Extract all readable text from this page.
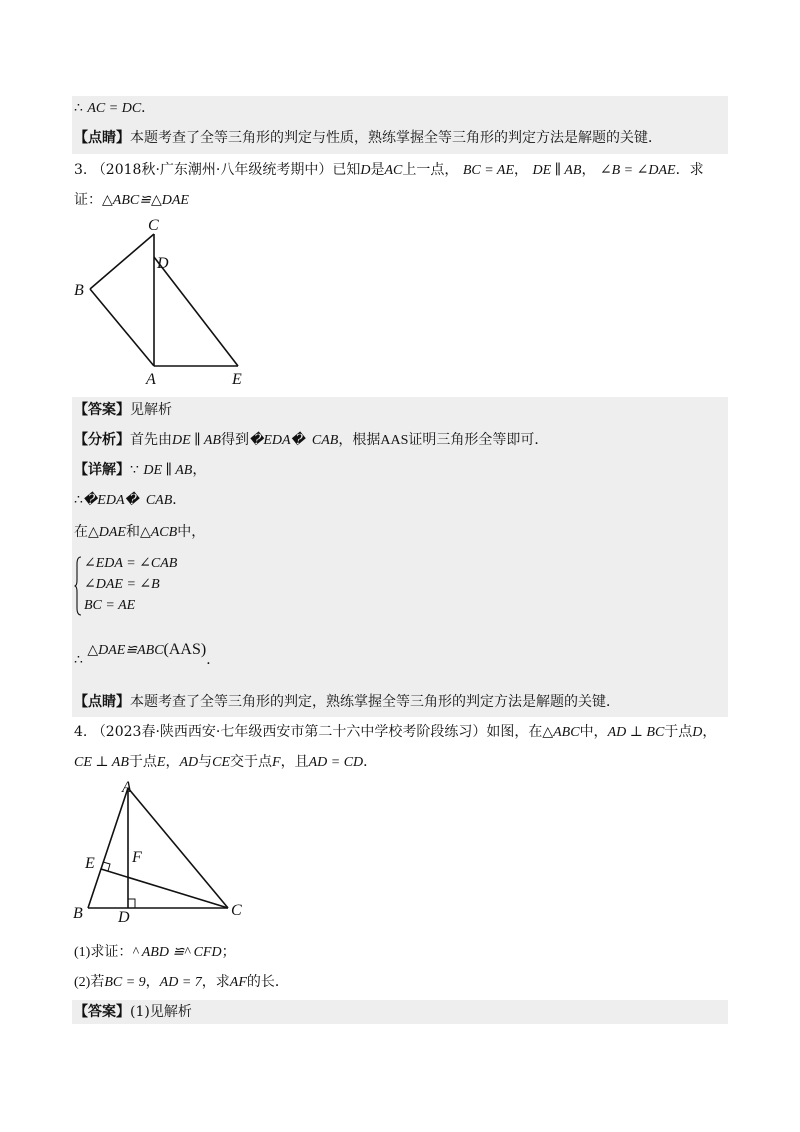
∴ AC = DC．
【点睛】本题考查了全等三角形的判定与性质，熟练掌握全等三角形的判定方法是解题的关键．
3. （2018秋·广东潮州·八年级统考期中）已知D是AC上一点， BC = AE， DE ∥ AB， ∠B = ∠DAE．求
证：△ABC≌△DAE
C
D
B
A	E
【答案】见解析
【分析】首先由DE ∥ AB得到�EDA�  CAB，根据AAS证明三角形全等即可．
【详解】∵ DE ∥ AB，
∴�EDA�  CAB．
在△DAE和△ACB中，
∠EDA = ∠CAB
∠DAE = ∠B
BC = AE
∴ △DAE≌ABC(AAS)．
【点睛】本题考查了全等三角形的判定，熟练掌握全等三角形的判定方法是解题的关键．
4. （2023春·陕西西安·七年级西安市第二十六中学校考阶段练习）如图，在△ABC中，AD ⊥ BC于点D，
CE ⊥ AB于点E，AD与CE交于点F，且AD = CD．
A
E F
B D	C
(1)求证：^ ABD ≌^ CFD；
(2)若BC = 9，AD = 7，求AF的长．
【答案】(1)见解析
